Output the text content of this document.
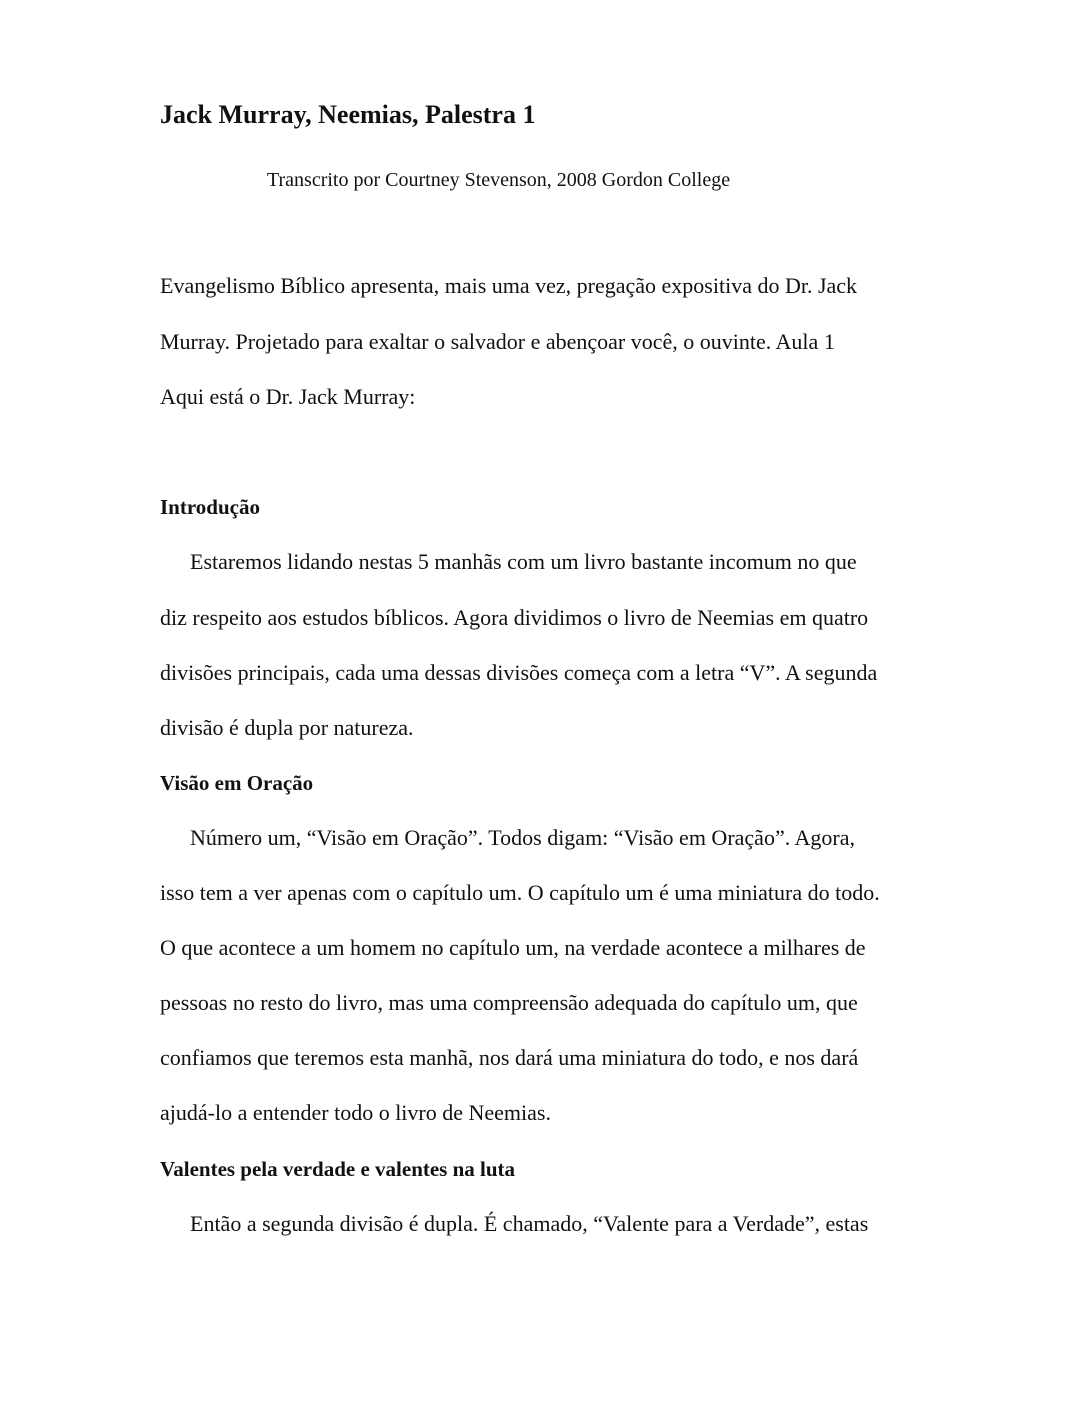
Jack Murray, Neemias, Palestra 1

Transcrito por Courtney Stevenson, 2008 Gordon College

Evangelismo Bíblico apresenta, mais uma vez, pregação expositiva do Dr. Jack

Murray. Projetado para exaltar o salvador e abençoar você, o ouvinte. Aula 1

Aqui está o Dr. Jack Murray:

Introdução

Estaremos lidando nestas 5 manhãs com um livro bastante incomum no que

diz respeito aos estudos bíblicos. Agora dividimos o livro de Neemias em quatro

divisões principais, cada uma dessas divisões começa com a letra “V”. A segunda

divisão é dupla por natureza.

Visão em Oração

Número um, “Visão em Oração”. Todos digam: “Visão em Oração”. Agora,

isso tem a ver apenas com o capítulo um. O capítulo um é uma miniatura do todo.

O que acontece a um homem no capítulo um, na verdade acontece a milhares de

pessoas no resto do livro, mas uma compreensão adequada do capítulo um, que

confiamos que teremos esta manhã, nos dará uma miniatura do todo, e nos dará

ajudá-lo a entender todo o livro de Neemias.

Valentes pela verdade e valentes na luta

Então a segunda divisão é dupla. É chamado, “Valente para a Verdade”, estas
